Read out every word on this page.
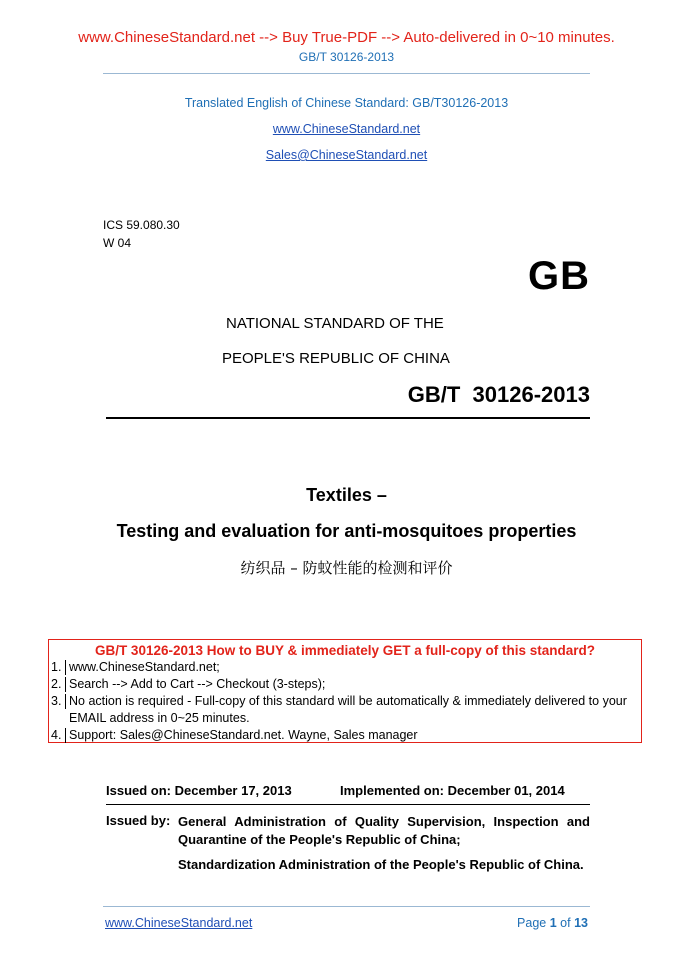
www.ChineseStandard.net --> Buy True-PDF --> Auto-delivered in 0~10 minutes.
GB/T 30126-2013
Translated English of Chinese Standard: GB/T30126-2013
www.ChineseStandard.net
Sales@ChineseStandard.net
ICS 59.080.30
W 04
GB
NATIONAL STANDARD OF THE
PEOPLE'S REPUBLIC OF CHINA
GB/T  30126-2013
Textiles –
Testing and evaluation for anti-mosquitoes properties
纺织品 – 防蚊性能的检测和评价
GB/T 30126-2013 How to BUY & immediately GET a full-copy of this standard?
1. www.ChineseStandard.net;
2. Search --> Add to Cart --> Checkout (3-steps);
3. No action is required - Full-copy of this standard will be automatically & immediately delivered to your EMAIL address in 0~25 minutes.
4. Support: Sales@ChineseStandard.net. Wayne, Sales manager
Issued on: December 17, 2013	Implemented on: December 01, 2014
Issued by: General Administration of Quality Supervision, Inspection and Quarantine of the People's Republic of China;
Standardization Administration of the People's Republic of China.
www.ChineseStandard.net	Page 1 of 13
